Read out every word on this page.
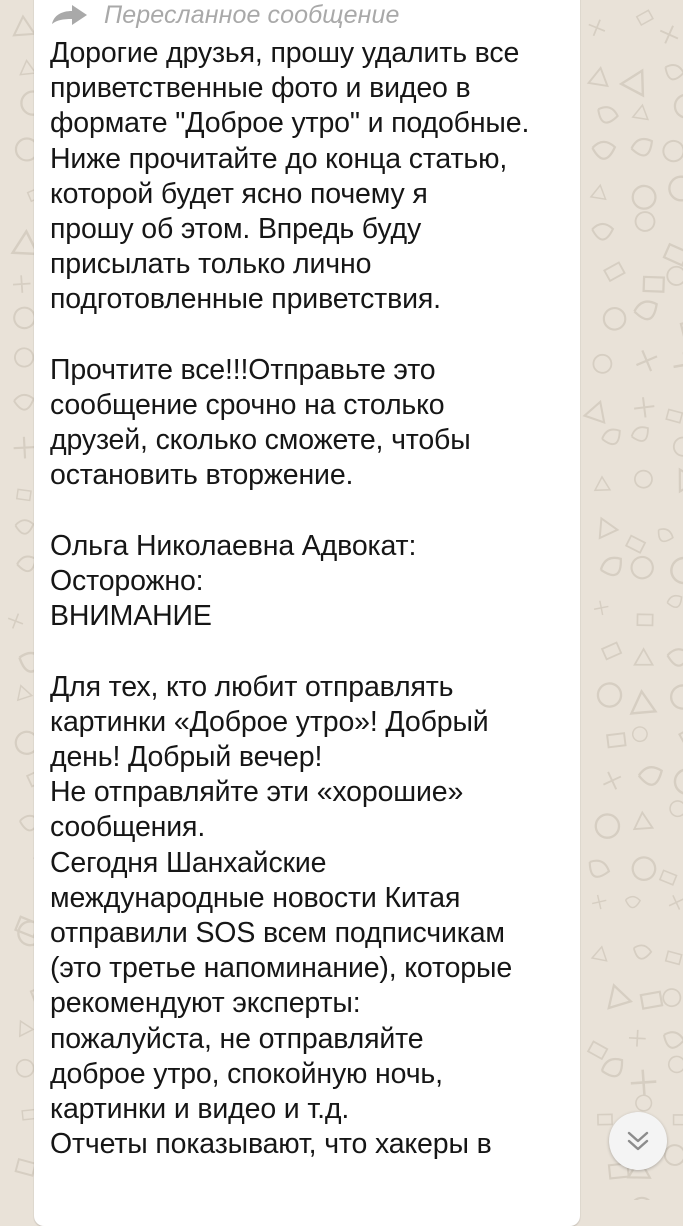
Пересланное сообщение
Дорогие друзья, прошу удалить все
приветственные фото и видео в
формате "Доброе утро" и подобные.
Ниже прочитайте до конца статью,
которой будет ясно почему я
прошу об этом. Впредь буду
присылать только лично
подготовленные приветствия.
Прочтите все!!!Отправьте это
сообщение срочно на столько
друзей, сколько сможете, чтобы
остановить вторжение.
Ольга Николаевна Адвокат:
Осторожно:
ВНИМАНИЕ
Для тех, кто любит отправлять
картинки «Доброе утро»! Добрый
день! Добрый вечер!
Не отправляйте эти «хорошие»
сообщения.
Сегодня Шанхайские
международные новости Китая
отправили SOS всем подписчикам
(это третье напоминание), которые
рекомендуют эксперты:
пожалуйста, не отправляйте
доброе утро, спокойную ночь,
картинки и видео и т.д.
Отчеты показывают, что хакеры в
